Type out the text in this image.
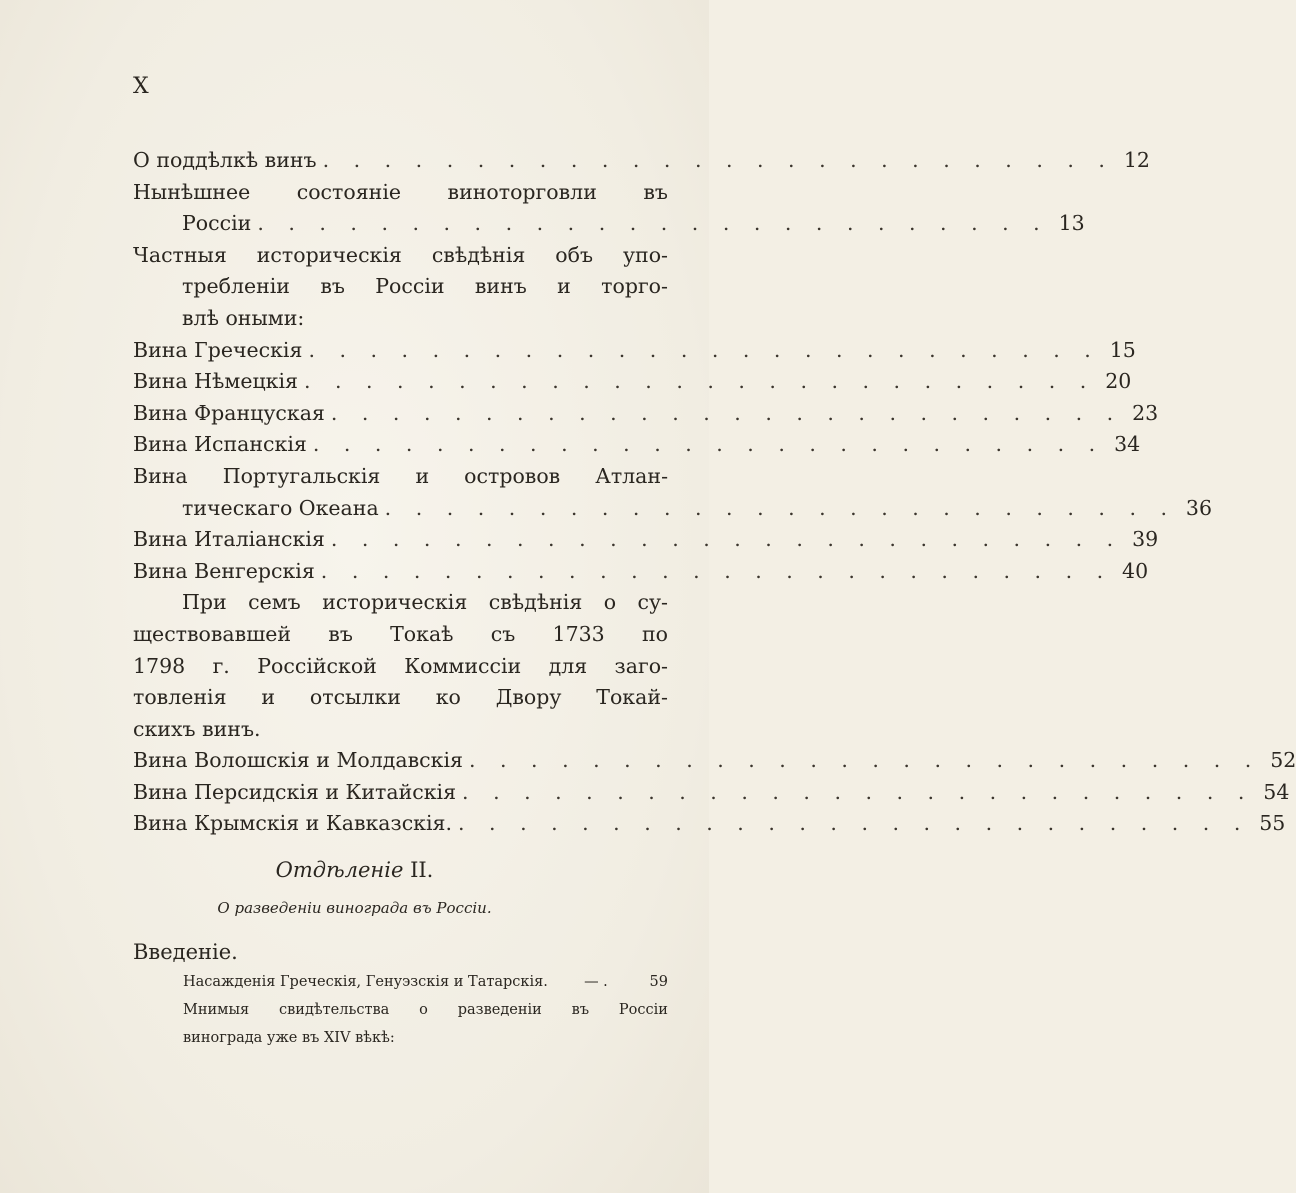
X
О поддѣлкѣ винъ . . . . . . . . . . . . . . . . . . . . . . . . . . 12
Нынѣшнее состояніе виноторговли въ
Россіи . . . . . . . . . . . . . . . . . . . . . . . . . . 13
Частныя историческія свѣдѣнія объ упо-
требленіи въ Россіи винъ и торго-
влѣ оными:
Вина Греческія . . . . . . . . . . . . . . . . . . . . . . . . . . 15
Вина Нѣмецкія . . . . . . . . . . . . . . . . . . . . . . . . . . 20
Вина Француская . . . . . . . . . . . . . . . . . . . . . . . . . . 23
Вина Испанскія . . . . . . . . . . . . . . . . . . . . . . . . . . 34
Вина Португальскія и островов Атлан-
тическаго Океана . . . . . . . . . . . . . . . . . . . . . . . . . . 36
Вина Италіанскія . . . . . . . . . . . . . . . . . . . . . . . . . . 39
Вина Венгерскія . . . . . . . . . . . . . . . . . . . . . . . . . . 40
При семъ историческія свѣдѣнія о су-
ществовавшей въ Токаѣ съ 1733 по
1798 г. Россійской Коммиссіи для заго-
товленія и отсылки ко Двору Токай-
скихъ винъ.
Вина Волошскія и Молдавскія . . . . . . . . . . . . . . . . . . . . . . . . . . 52
Вина Персидскія и Китайскія . . . . . . . . . . . . . . . . . . . . . . . . . . 54
Вина Крымскія и Кавказскія. . . . . . . . . . . . . . . . . . . . . . . . . . . 55
Отдѣленіе II.
О разведеніи винограда въ Россіи.
Введеніе.
Насажденія Греческія, Генуэзскія и Татарскія.	— .	59
Мнимыя свидѣтельства о разведеніи въ Россіи
винограда уже въ XIV вѣкѣ:
